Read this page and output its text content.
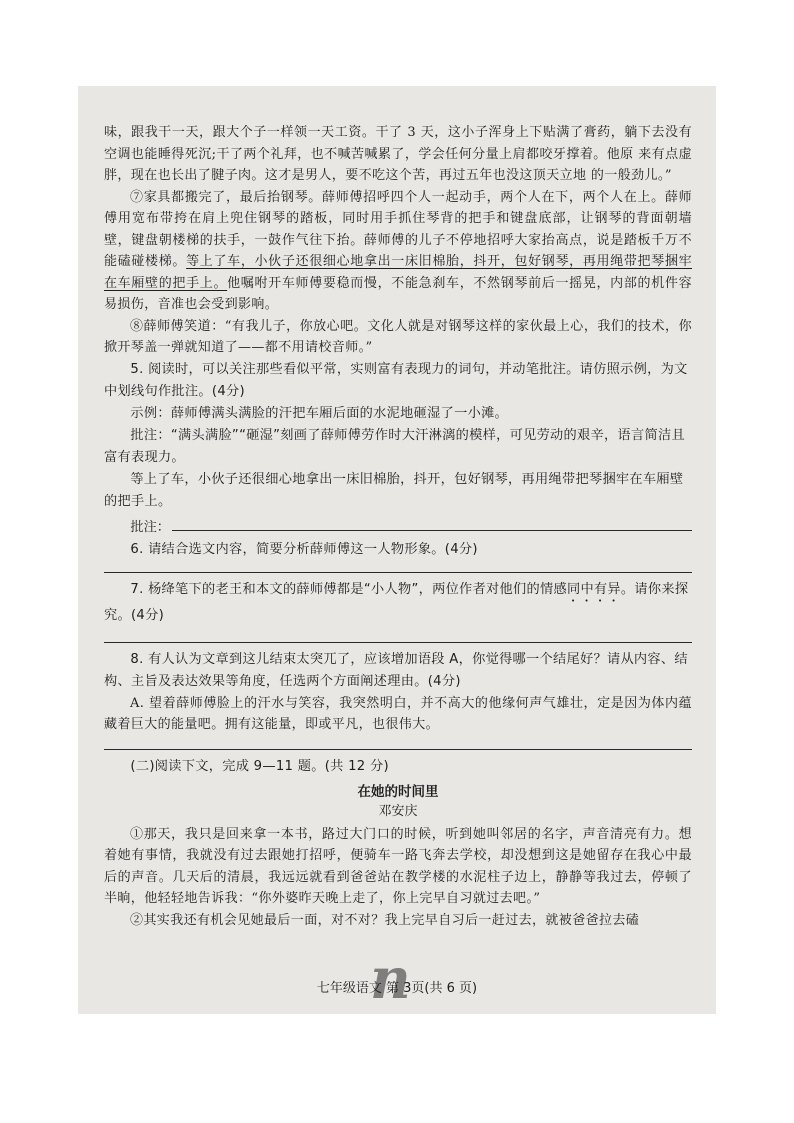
味，跟我干一天，跟大个子一样领一天工资。干了 3 天，这小子浑身上下贴满了膏药，躺下去没有空调也能睡得死沉;干了两个礼拜，也不喊苦喊累了，学会任何分量上肩都咬牙撑着。他原 来有点虚胖，现在也长出了腱子肉。这才是男人，要不吃这个苦，再过五年也没这顶天立地 的一般劲儿。”

⑦家具都搬完了，最后抬钢琴。薛师傅招呼四个人一起动手，两个人在下，两个人在上。薛师傅用宽布带挎在肩上兜住钢琴的踏板，同时用手抓住琴背的把手和键盘底部，让钢琴的背面朝墙壁，键盘朝楼梯的扶手，一鼓作气往下抬。薛师傅的儿子不停地招呼大家抬高点，说是踏板千万不能磕碰楼梯。等上了车，小伙子还很细心地拿出一床旧棉胎，抖开，包好钢琴，再用绳带把琴捆牢在车厢壁的把手上。他嘱咐开车师傅要稳而慢，不能急刹车，不然钢琴前后一摇晃，内部的机件容易损伤，音准也会受到影响。

⑧薛师傅笑道：“有我儿子，你放心吧。文化人就是对钢琴这样的家伙最上心，我们的技术，你掀开琴盖一弹就知道了——都不用请校音师。”

5. 阅读时，可以关注那些看似平常，实则富有表现力的词句，并动笔批注。请仿照示例，为文中划线句作批注。(4分)

示例：薛师傅满头满脸的汗把车厢后面的水泥地砸湿了一小滩。

批注：“满头满脸”“砸湿”刻画了薛师傅劳作时大汗淋漓的模样，可见劳动的艰辛，语言简洁且富有表现力。

等上了车，小伙子还很细心地拿出一床旧棉胎，抖开，包好钢琴，再用绳带把琴捆牢在车厢壁的把手上。

批注：

6. 请结合选文内容，简要分析薛师傅这一人物形象。(4分)

7. 杨绛笔下的老王和本文的薛师傅都是“小人物”，两位作者对他们的情感同中有异。请你来探究。(4分)

8. 有人认为文章到这儿结束太突兀了，应该增加语段 A，你觉得哪一个结尾好？请从内容、结构、主旨及表达效果等角度，任选两个方面阐述理由。(4分)

A. 望着薛师傅脸上的汗水与笑容，我突然明白，并不高大的他缘何声气雄壮，定是因为体内蕴藏着巨大的能量吧。拥有这能量，即或平凡，也很伟大。

(二)阅读下文，完成 9—11 题。(共 12 分)

在她的时间里

邓安庆

①那天，我只是回来拿一本书，路过大门口的时候，听到她叫邻居的名字，声音清亮有力。想着她有事情，我就没有过去跟她打招呼，便骑车一路飞奔去学校，却没想到这是她留存在我心中最后的声音。几天后的清晨，我远远就看到爸爸站在教学楼的水泥柱子边上，静静等我过去，停顿了半晌，他轻轻地告诉我：“你外婆昨天晚上走了，你上完早自习就过去吧。”

②其实我还有机会见她最后一面，对不对？我上完早自习后一赶过去，就被爸爸拉去磕

n
七年级语文 第 3页(共 6 页)
